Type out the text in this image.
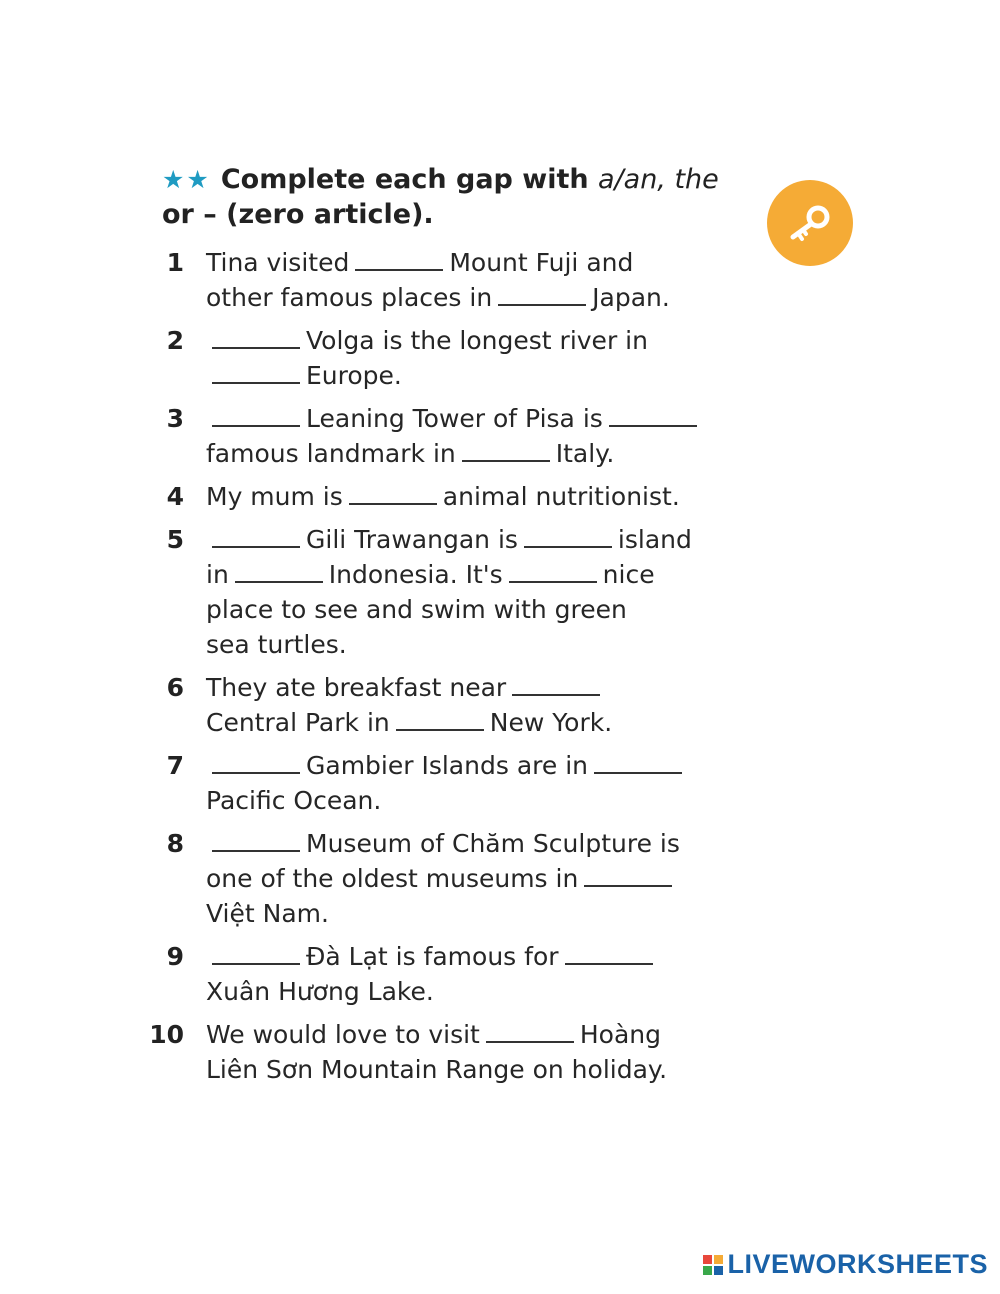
★★ Complete each gap with a/an, the
or – (zero article).
1 Tina visited	Mount Fuji and
other famous places in	Japan.
2	Volga is the longest river in
Europe.
3	Leaning Tower of Pisa is
famous landmark in	Italy.
4 My mum is	animal nutritionist.
5	Gili Trawangan is	island
in	Indonesia. It's	nice
place to see and swim with green
sea turtles.
6 They ate breakfast near
Central Park in	New York.
7	Gambier Islands are in
Pacific Ocean.
8	Museum of Chăm Sculpture is
one of the oldest museums in
Việt Nam.
9	Đà Lạt is famous for
Xuân Hương Lake.
10 We would love to visit	Hoàng
Liên Sơn Mountain Range on holiday.
LIVEWORKSHEETS
